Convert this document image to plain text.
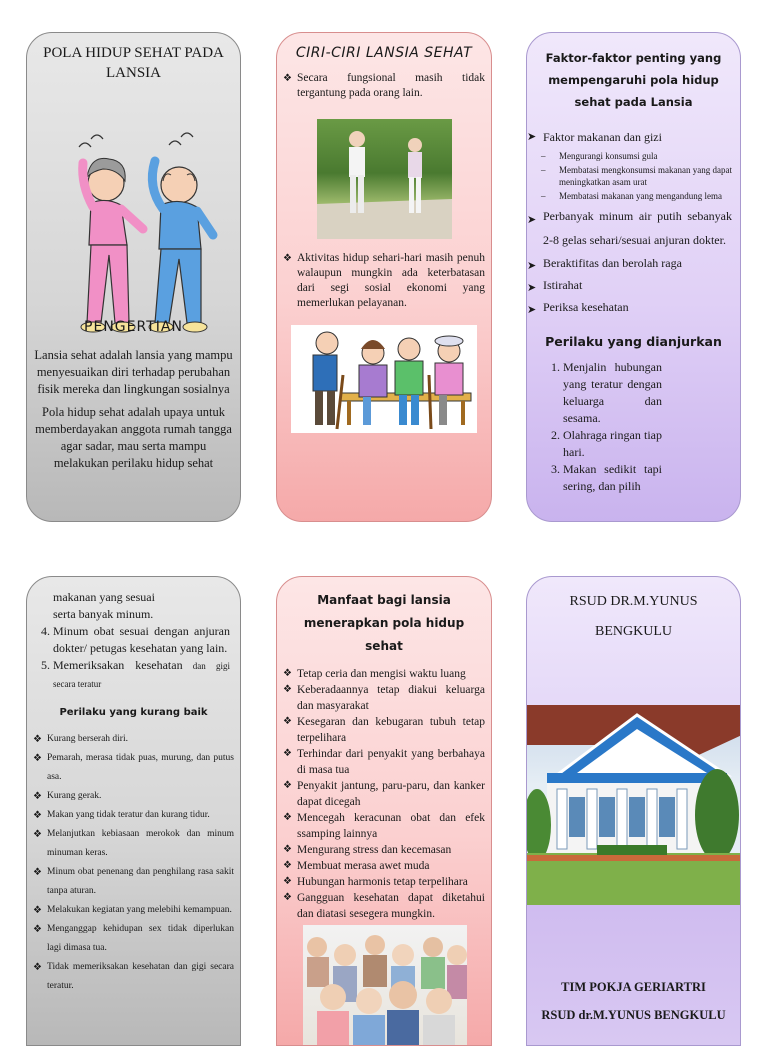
POLA HIDUP SEHAT PADA LANSIA
PENGERTIAN

Lansia sehat adalah lansia yang mampu menyesuaikan diri terhadap perubahan fisik mereka dan lingkungan sosialnya

Pola hidup sehat adalah upaya untuk memberdayakan anggota rumah tangga agar sadar, mau serta mampu melakukan perilaku hidup sehat

CIRI-CIRI LANSIA SEHAT
❖ Secara fungsional masih tidak tergantung pada orang lain.
❖ Aktivitas hidup sehari-hari masih penuh walaupun mungkin ada keterbatasan dari segi sosial ekonomi yang memerlukan pelayanan.
Faktor-faktor penting yang mempengaruhi pola hidup sehat pada Lansia
➤ Faktor makanan dan gizi
– Mengurangi konsumsi gula
– Membatasi mengkonsumsi makanan yang dapat meningkatkan asam urat
– Membatasi makanan yang mengandung lema
➤ Perbanyak minum air putih sebanyak 2-8 gelas sehari/sesuai anjuran dokter.
➤ Beraktifitas dan berolah raga
➤ Istirahat
➤ Periksa kesehatan
Perilaku yang dianjurkan
1. Menjalin hubungan yang teratur dengan keluarga dan sesama.
2. Olahraga ringan tiap hari.
3. Makan sedikit tapi sering, dan pilih
makanan yang sesuai serta banyak minum.
4. Minum obat sesuai dengan anjuran dokter/ petugas kesehatan yang lain.
5. Memeriksakan kesehatan dan gigi secara teratur
Perilaku yang kurang baik
❖ Kurang berserah diri.
❖ Pemarah, merasa tidak puas, murung, dan putus asa.
❖ Kurang gerak.
❖ Makan yang tidak teratur dan kurang tidur.
❖ Melanjutkan kebiasaan merokok dan minum minuman keras.
❖ Minum obat penenang dan penghilang rasa sakit tanpa aturan.
❖ Melakukan kegiatan yang melebihi kemampuan.
❖ Menganggap kehidupan sex tidak diperlukan lagi dimasa tua.
❖ Tidak memeriksakan kesehatan dan gigi secara teratur.
Manfaat bagi lansia menerapkan pola hidup sehat
❖ Tetap ceria dan mengisi waktu luang
❖ Keberadaannya tetap diakui keluarga dan masyarakat
❖ Kesegaran dan kebugaran tubuh tetap terpelihara
❖ Terhindar dari penyakit yang berbahaya di masa tua
❖ Penyakit jantung, paru-paru, dan kanker dapat dicegah
❖ Mencegah keracunan obat dan efek ssamping lainnya
❖ Mengurang stress dan kecemasan
❖ Membuat merasa awet muda
❖ Hubungan harmonis tetap terpelihara
❖ Gangguan kesehatan dapat diketahui dan diatasi sesegera mungkin.
RSUD DR.M.YUNUS
BENGKULU
TIM POKJA GERIARTRI
RSUD dr.M.YUNUS BENGKULU
